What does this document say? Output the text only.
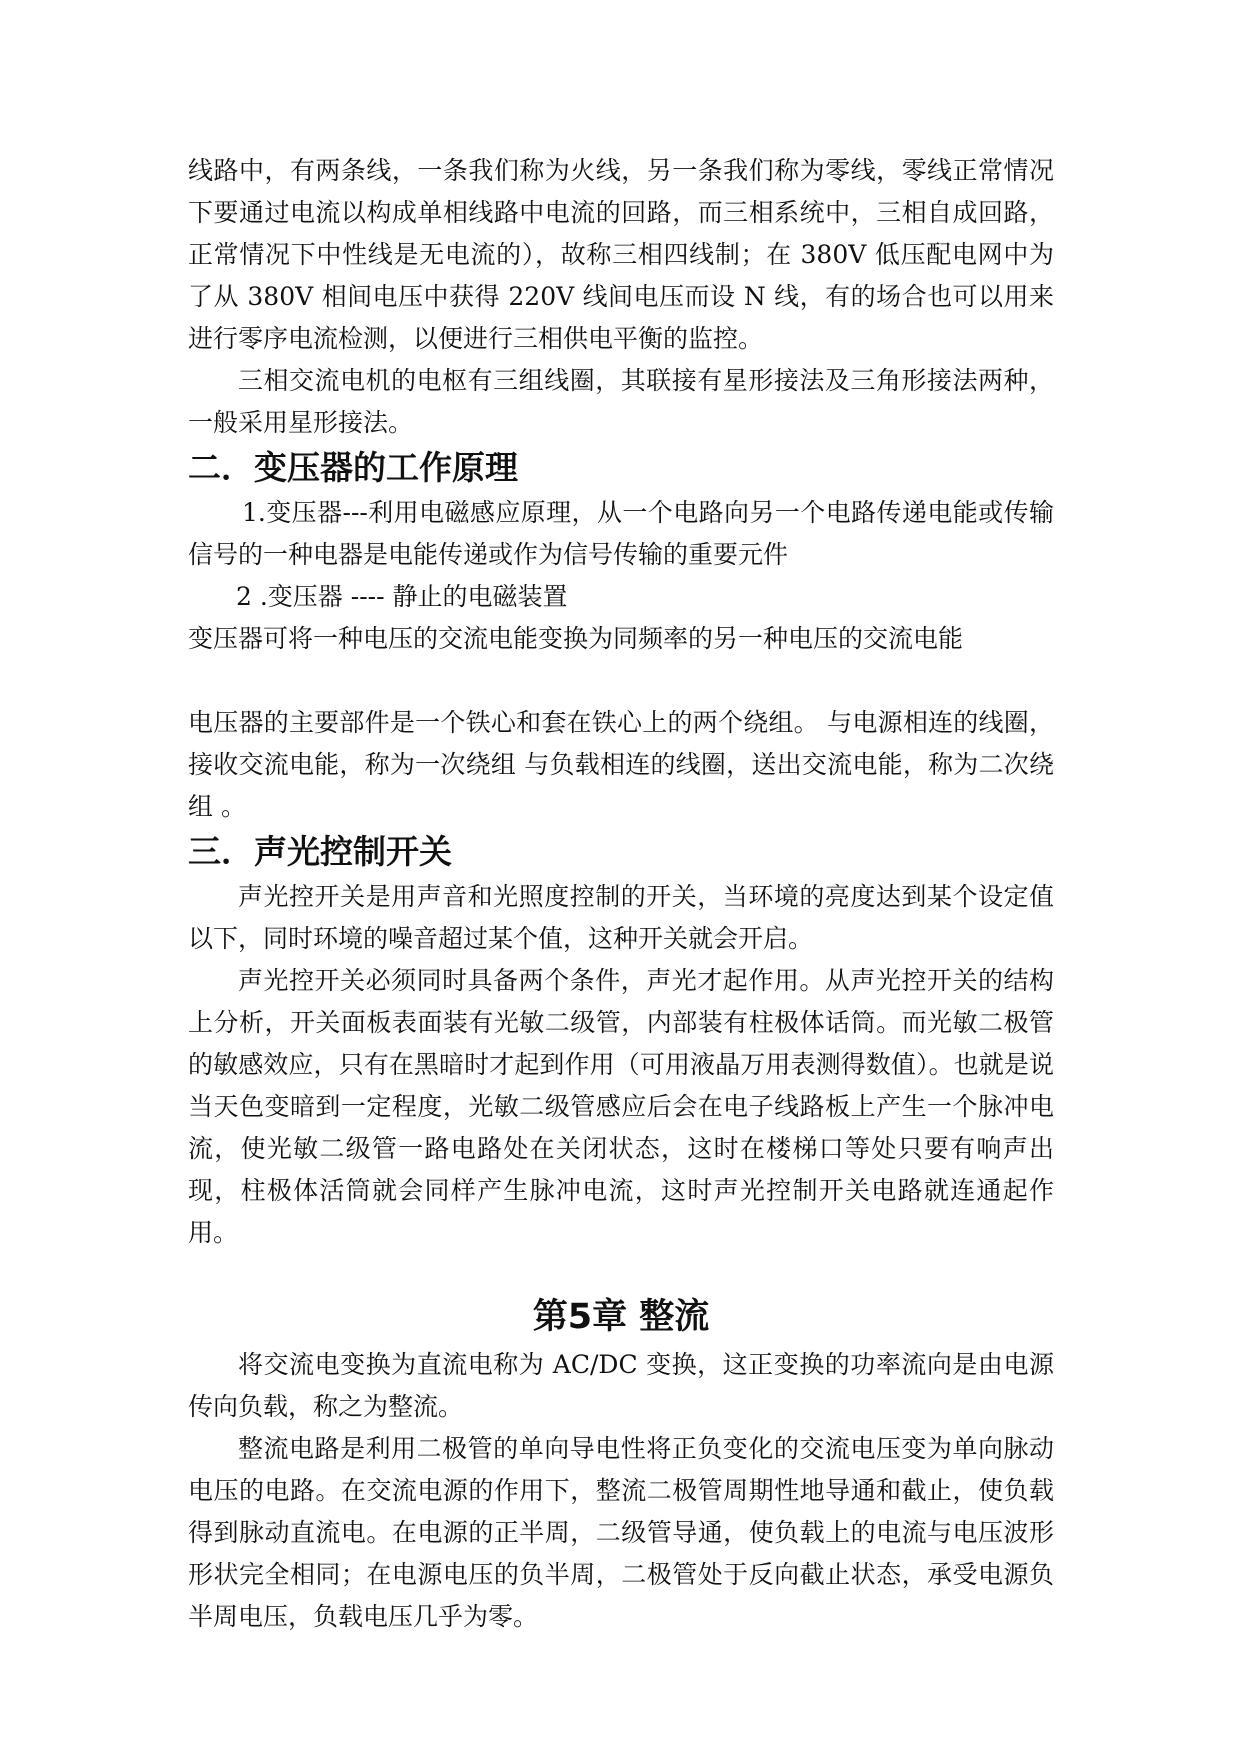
线路中，有两条线，一条我们称为火线，另一条我们称为零线，零线正常情况下要通过电流以构成单相线路中电流的回路，而三相系统中，三相自成回路，正常情况下中性线是无电流的），故称三相四线制；在 380V 低压配电网中为了从 380V 相间电压中获得 220V 线间电压而设 N 线，有的场合也可以用来进行零序电流检测，以便进行三相供电平衡的监控。

三相交流电机的电枢有三组线圈，其联接有星形接法及三角形接法两种，一般采用星形接法。

二．变压器的工作原理

1.变压器---利用电磁感应原理，从一个电路向另一个电路传递电能或传输信号的一种电器是电能传递或作为信号传输的重要元件

2 .变压器 ---- 静止的电磁装置

变压器可将一种电压的交流电能变换为同频率的另一种电压的交流电能

电压器的主要部件是一个铁心和套在铁心上的两个绕组。 与电源相连的线圈，接收交流电能，称为一次绕组 与负载相连的线圈，送出交流电能，称为二次绕组 。

三．声光控制开关

声光控开关是用声音和光照度控制的开关，当环境的亮度达到某个设定值以下，同时环境的噪音超过某个值，这种开关就会开启。

声光控开关必须同时具备两个条件，声光才起作用。从声光控开关的结构上分析，开关面板表面装有光敏二级管，内部装有柱极体话筒。而光敏二极管的敏感效应，只有在黑暗时才起到作用（可用液晶万用表测得数值）。也就是说当天色变暗到一定程度，光敏二级管感应后会在电子线路板上产生一个脉冲电流，使光敏二级管一路电路处在关闭状态，这时在楼梯口等处只要有响声出现，柱极体活筒就会同样产生脉冲电流，这时声光控制开关电路就连通起作用。

第5章 整流

将交流电变换为直流电称为 AC/DC 变换，这正变换的功率流向是由电源传向负载，称之为整流。

整流电路是利用二极管的单向导电性将正负变化的交流电压变为单向脉动电压的电路。在交流电源的作用下，整流二极管周期性地导通和截止，使负载得到脉动直流电。在电源的正半周，二级管导通，使负载上的电流与电压波形形状完全相同；在电源电压的负半周，二极管处于反向截止状态，承受电源负半周电压，负载电压几乎为零。
